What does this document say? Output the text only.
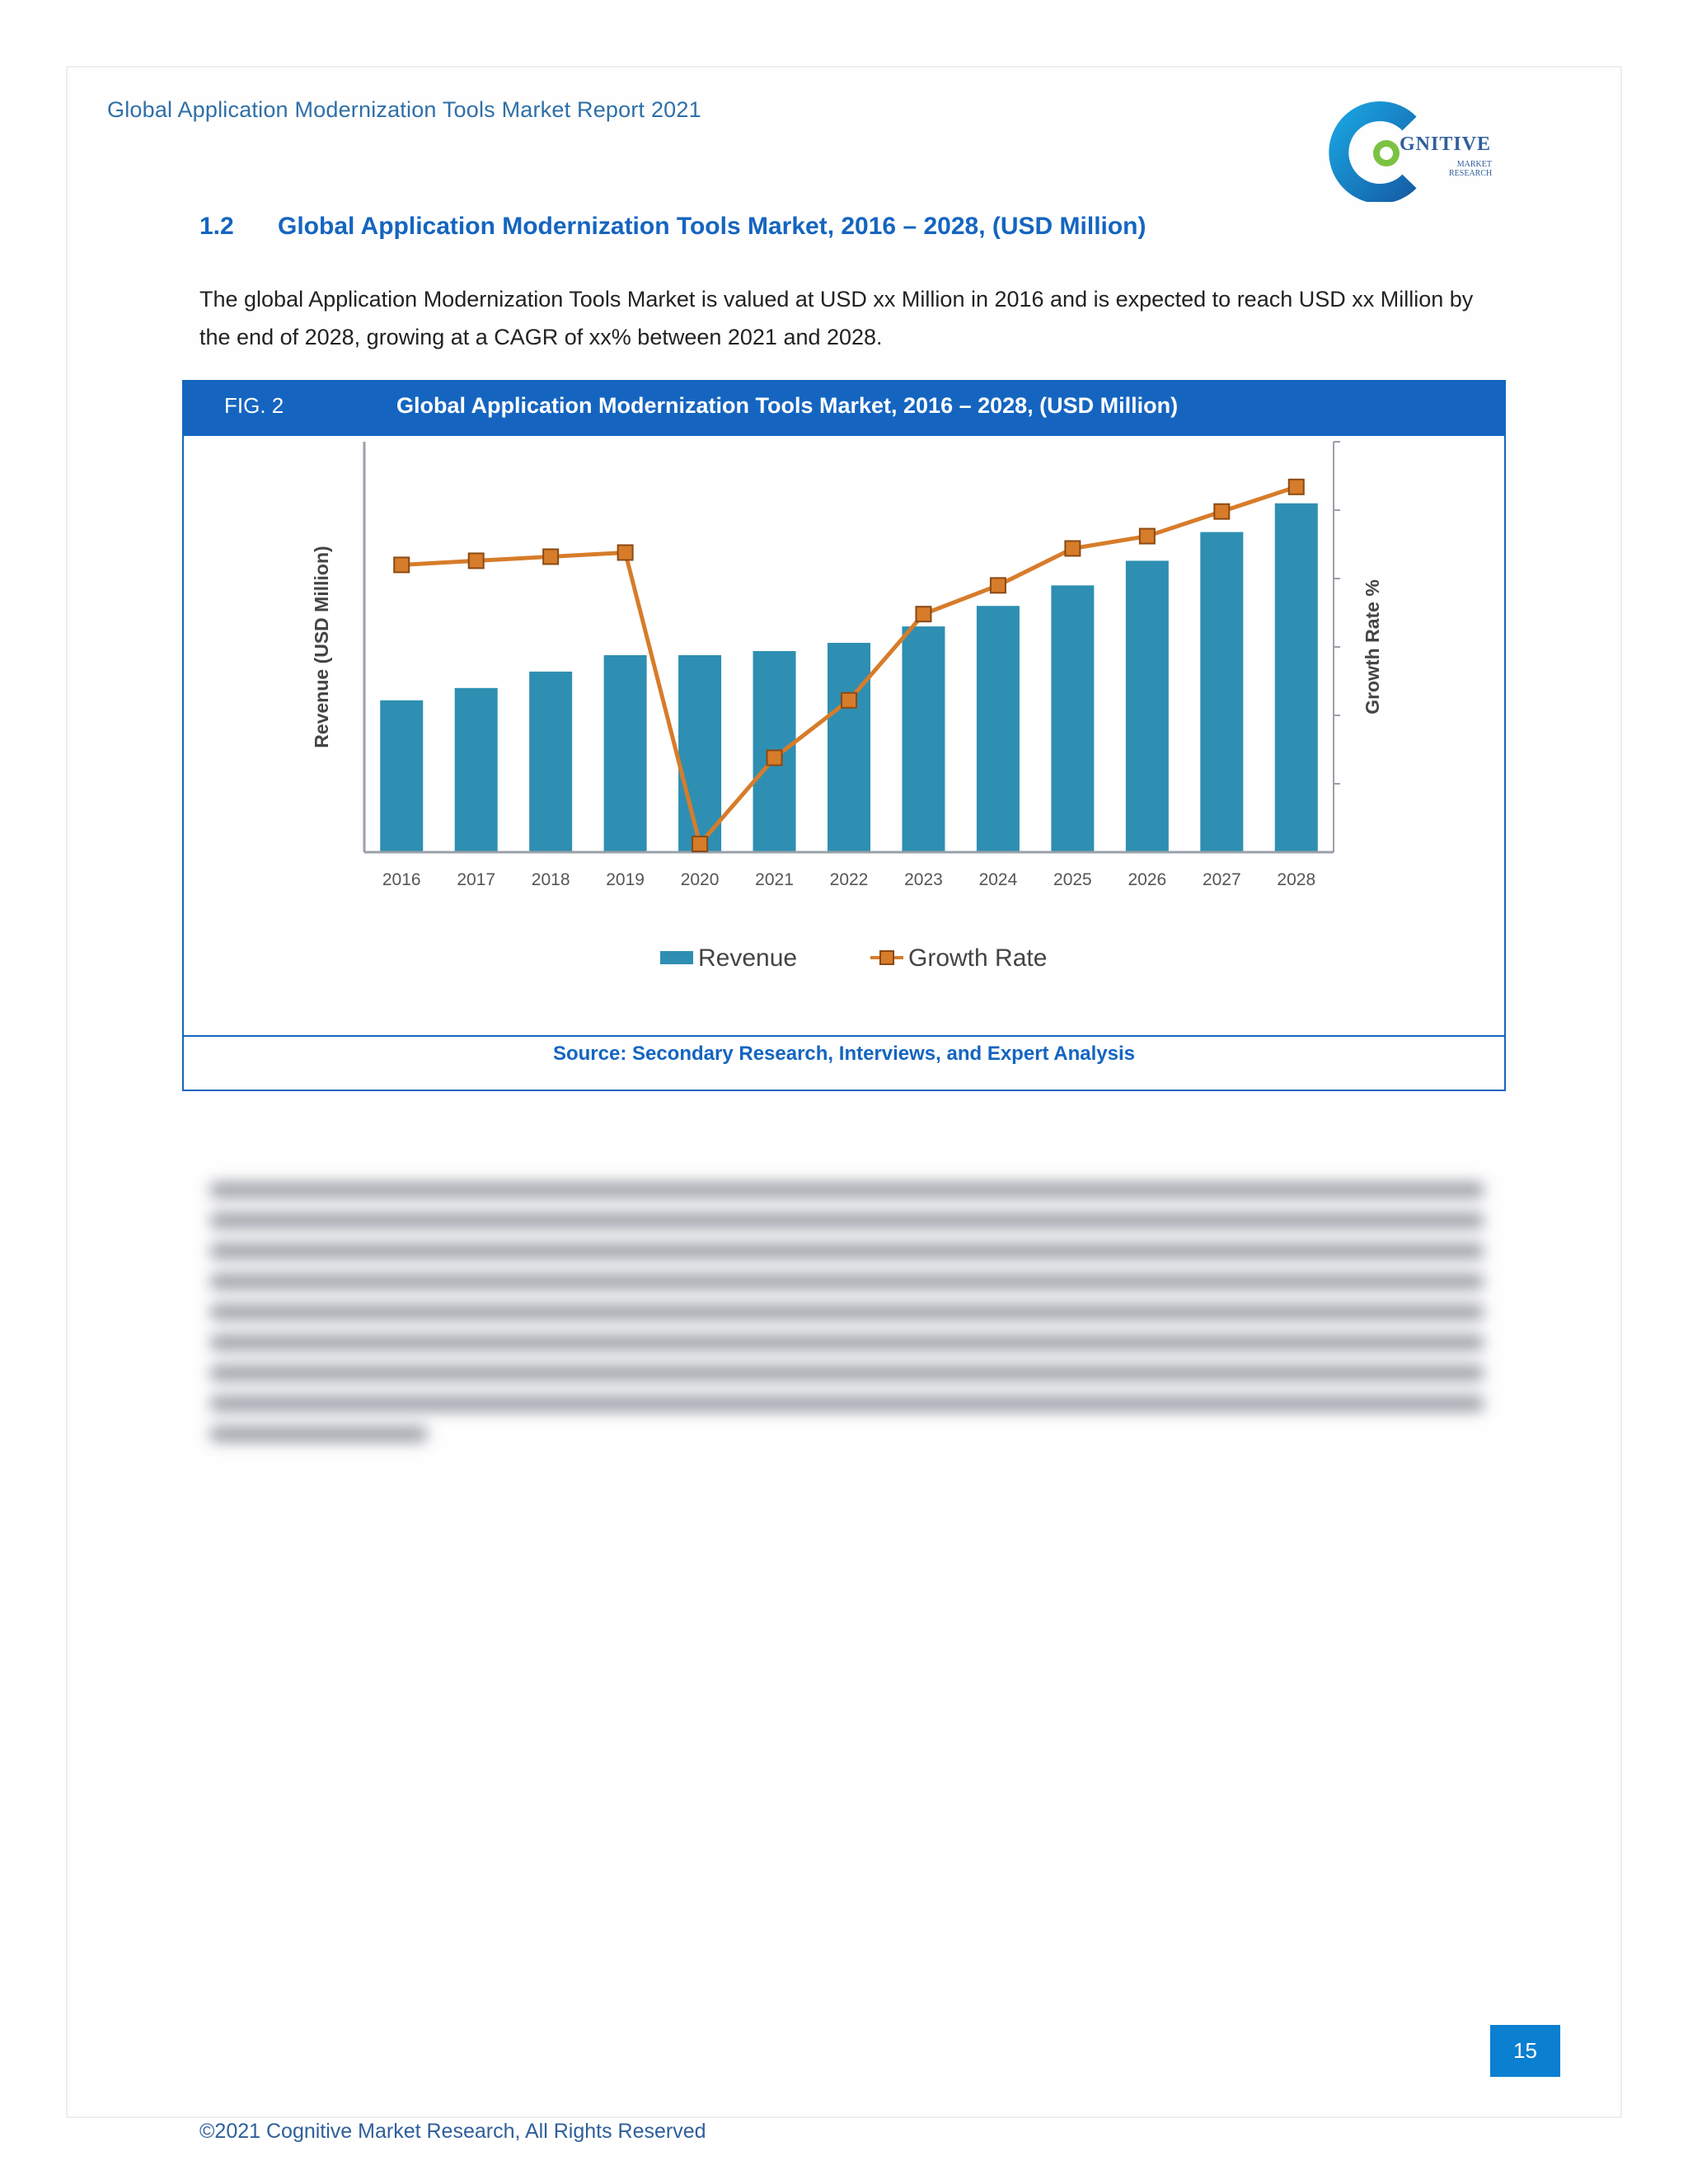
Global Application Modernization Tools Market Report 2021
GNITIVE
MARKET RESEARCH
1.2 Global Application Modernization Tools Market, 2016 – 2028, (USD Million)
The global Application Modernization Tools Market is valued at USD xx Million in 2016 and is expected to reach USD xx Million by the end of 2028, growing at a CAGR of xx% between 2021 and 2028.
FIG. 2	Global Application Modernization Tools Market, 2016 – 2028, (USD Million)
2016 2017 2018 2019 2020 2021 2022 2023 2024 2025 2026 2027 2028
Revenue (USD Million)	Growth Rate %
Revenue	Growth Rate
Source: Secondary Research, Interviews, and Expert Analysis
15
©2021 Cognitive Market Research, All Rights Reserved
